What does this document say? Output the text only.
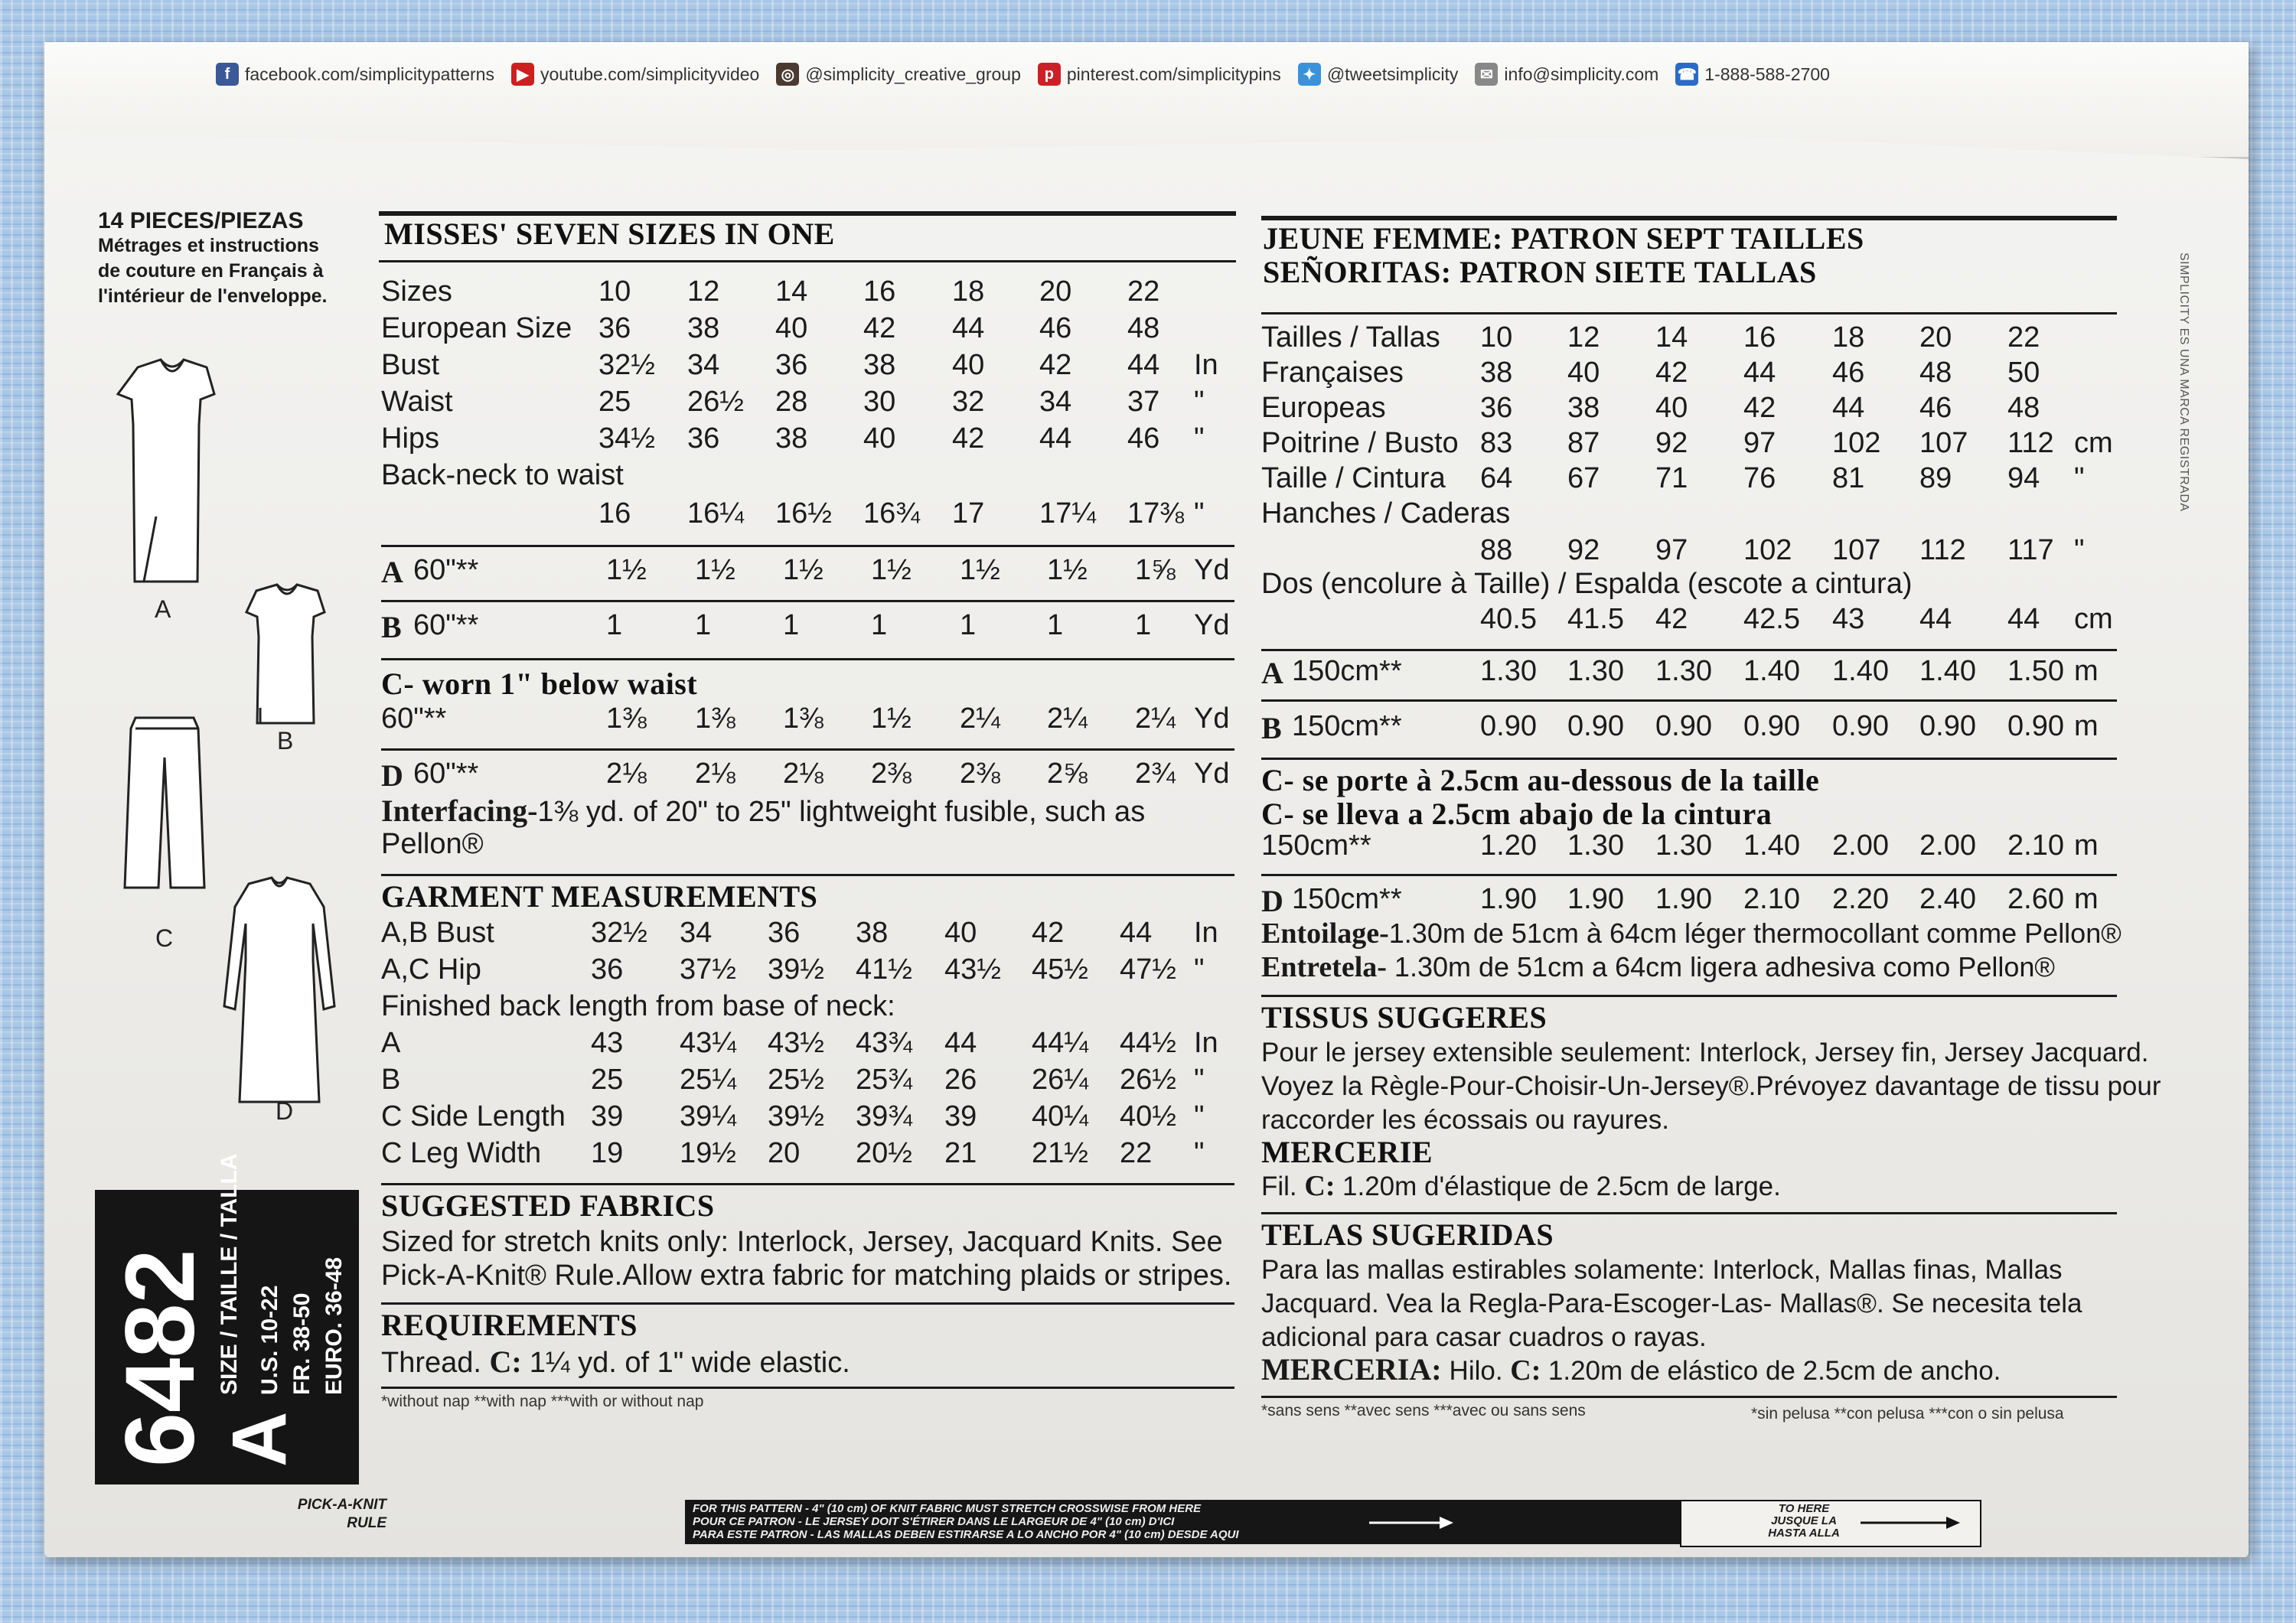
f facebook.com/simplicitypatterns	▶ youtube.com/simplicityvideo	◎ @simplicity_creative_group	p pinterest.com/simplicitypins	✦ @tweetsimplicity	✉ info@simplicity.com ☎ 1-888-588-2700
14 PIECES/PIEZAS
Métrages et instructions
de couture en Français à
l'intérieur de l'enveloppe.
A
B
C
D
6482 A
SIZE / TAILLE / TALLA U.S. 10-22 FR. 38-50 EURO. 36-48
MISSES' SEVEN SIZES IN ONE
Sizes	10 12 14 16 18 20 22
European Size 36 38 40 42 44 46 48
Bust	32½ 34 36 38 40 42 44 In
Waist	25 26½ 28 30 32 34 37 "
Hips	34½ 36 38 40 42 44 46 "
Back-neck to waist
16 16¼ 16½ 16¾ 17 17¼ 17⅜ "
A 60"**	1½ 1½ 1½ 1½ 1½ 1½ 1⅝ Yd
B 60"**	1 1 1 1 1 1 1 Yd
C- worn 1" below waist
60"**	1⅜ 1⅜ 1⅜ 1½ 2¼ 2¼ 2¼ Yd
D 60"**	2⅛ 2⅛ 2⅛ 2⅜ 2⅜ 2⅝ 2¾ Yd
Interfacing-1⅜ yd. of 20" to 25" lightweight fusible, such as
Pellon®
GARMENT MEASUREMENTS
A,B Bust	32½ 34 36 38 40 42 44 In
A,C Hip	36 37½ 39½ 41½ 43½ 45½ 47½ "
Finished back length from base of neck:
A	43 43¼ 43½ 43¾ 44 44¼ 44½ In
B	25 25¼ 25½ 25¾ 26 26¼ 26½ "
C Side Length 39 39¼ 39½ 39¾ 39 40¼ 40½ "
C Leg Width 19 19½ 20 20½ 21 21½ 22 "
SUGGESTED FABRICS
Sized for stretch knits only: Interlock, Jersey, Jacquard Knits. See
Pick-A-Knit® Rule.Allow extra fabric for matching plaids or stripes.
REQUIREMENTS
Thread. C: 1¼ yd. of 1" wide elastic.
*without nap **with nap ***with or without nap
JEUNE FEMME: PATRON SEPT TAILLES
SEÑORITAS: PATRON SIETE TALLAS
Tailles / Tallas 10 12 14 16 18 20 22
Françaises	38 40 42 44 46 48 50
Europeas	36 38 40 42 44 46 48
Poitrine / Busto 83 87 92 97 102 107 112 cm
Taille / Cintura 64 67 71 76 81 89 94 "
Hanches / Caderas
88 92 97 102 107 112 117 "
Dos (encolure à Taille) / Espalda (escote a cintura)
40.5 41.5 42 42.5 43 44 44 cm
A 150cm**	1.30 1.30 1.30 1.40 1.40 1.40 1.50 m
B 150cm**	0.90 0.90 0.90 0.90 0.90 0.90 0.90 m
C- se porte à 2.5cm au-dessous de la taille
C- se lleva a 2.5cm abajo de la cintura
150cm**	1.20 1.30 1.30 1.40 2.00 2.00 2.10 m
D 150cm**	1.90 1.90 1.90 2.10 2.20 2.40 2.60 m
Entoilage-1.30m de 51cm à 64cm léger thermocollant comme Pellon®
Entretela- 1.30m de 51cm a 64cm ligera adhesiva como Pellon®
TISSUS SUGGERES
Pour le jersey extensible seulement: Interlock, Jersey fin, Jersey Jacquard.
Voyez la Règle-Pour-Choisir-Un-Jersey®.Prévoyez davantage de tissu pour
raccorder les écossais ou rayures.
MERCERIE
Fil. C: 1.20m d'élastique de 2.5cm de large.
TELAS SUGERIDAS
Para las mallas estirables solamente: Interlock, Mallas finas, Mallas
Jacquard. Vea la Regla-Para-Escoger-Las- Mallas®. Se necesita tela
adicional para casar cuadros o rayas.
MERCERIA: Hilo. C: 1.20m de elástico de 2.5cm de ancho.
*sans sens **avec sens ***avec ou sans sens	*sin pelusa **con pelusa ***con o sin pelusa
PICK-A-KNIT
RULE
FOR THIS PATTERN - 4" (10 cm) OF KNIT FABRIC MUST STRETCH CROSSWISE FROM HERE
POUR CE PATRON - LE JERSEY DOIT S'ÉTIRER DANS LE LARGEUR DE 4" (10 cm) D'ICI
PARA ESTE PATRON - LAS MALLAS DEBEN ESTIRARSE A LO ANCHO POR 4" (10 cm) DESDE AQUI
TO HERE
JUSQUE LA
HASTA ALLA
SIMPLICITY ES UNA MARCA REGISTRADA
